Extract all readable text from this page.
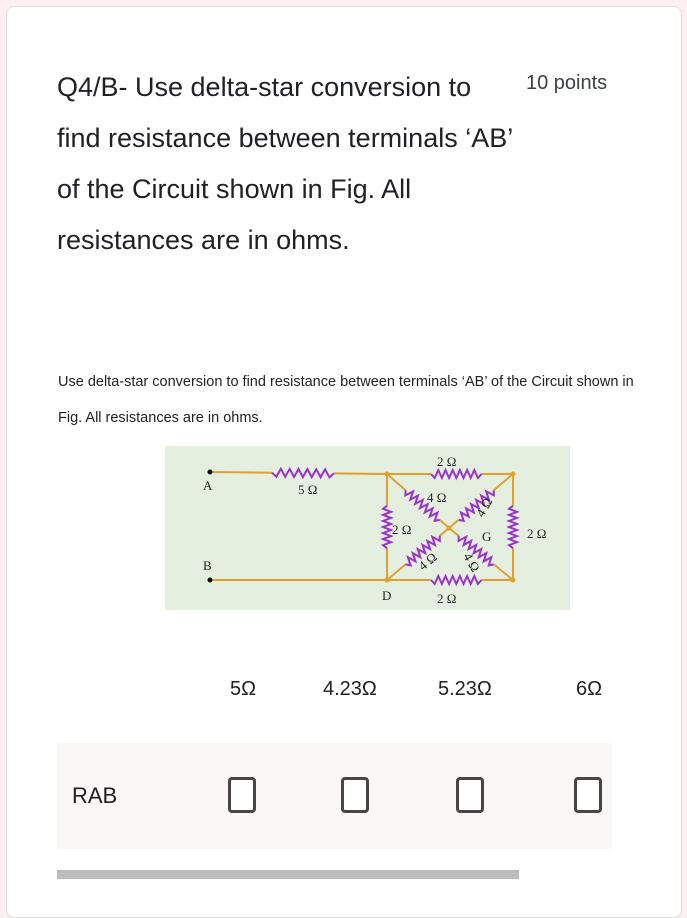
Q4/B- Use delta-star conversion to find resistance between terminals ‘AB’ of the Circuit shown in Fig. All resistances are in ohms.
10 points
Use delta-star conversion to find resistance between terminals ‘AB’ of the Circuit shown in Fig. All resistances are in ohms.
A
B
D
G
5 Ω
2 Ω
2 Ω	2 Ω
2 Ω
4 Ω 4 Ω
4 Ω 4 Ω
5Ω	4.23Ω	5.23Ω	6Ω
RAB
